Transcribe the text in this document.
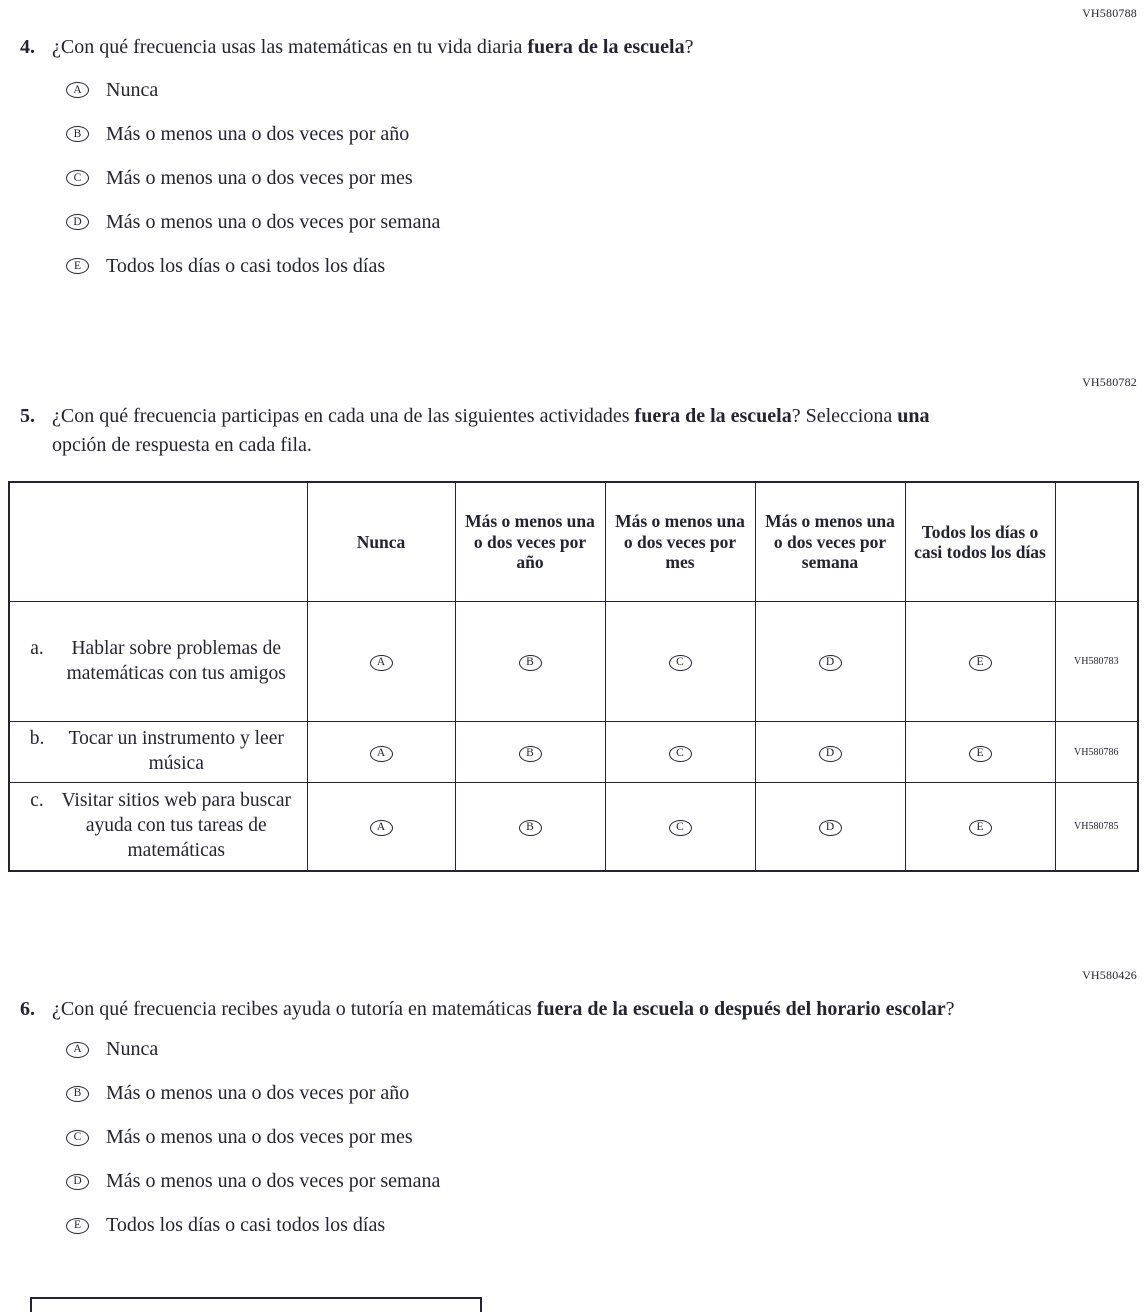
VH580788
4. ¿Con qué frecuencia usas las matemáticas en tu vida diaria fuera de la escuela?

A	Nunca
B	Más o menos una o dos veces por año
C	Más o menos una o dos veces por mes
D	Más o menos una o dos veces por semana
E	Todos los días o casi todos los días
VH580782
5. ¿Con qué frecuencia participas en cada una de las siguientes actividades fuera de la escuela? Selecciona una opción de respuesta en cada fila.

	Nunca	Más o menos una o dos veces por año	Más o menos una o dos veces por mes	Más o menos una o dos veces por semana	Todos los días o casi todos los días	

a. Hablar sobre problemas de matemáticas con tus amigos	A	B	C	D	E	VH580783

b. Tocar un instrumento y leer música	A	B	C	D	E	VH580786

c. Visitar sitios web para buscar ayuda con tus tareas de matemáticas	A	B	C	D	E	VH580785
VH580426
6. ¿Con qué frecuencia recibes ayuda o tutoría en matemáticas fuera de la escuela o después del horario escolar?

A	Nunca
B	Más o menos una o dos veces por año
C	Más o menos una o dos veces por mes
D	Más o menos una o dos veces por semana
E	Todos los días o casi todos los días
